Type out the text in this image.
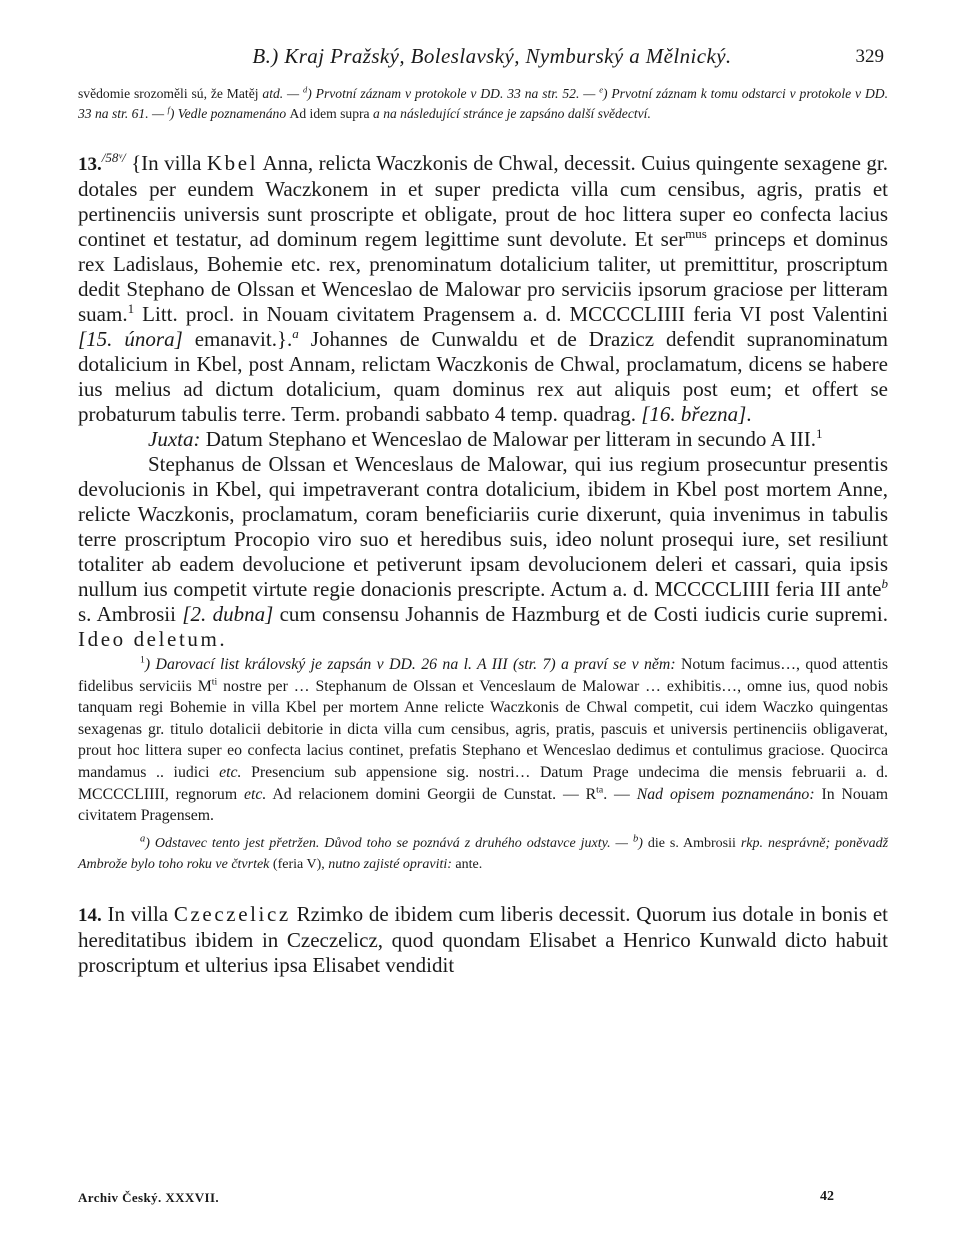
B.) Kraj Pražský, Boleslavský, Nymburský a Mělnický.	329
svědomie srozoměli sú, že Matěj atd. — $^d$) Prvotní záznam v protokole v DD. 33 na str. 52. — $^e$) Prvotní záznam k tomu odstarci v protokole v DD. 33 na str. 61. — $^f$) Vedle poznamenáno Ad idem supra a na následující stránce je zapsáno další svědectví.

13.$^{/58ᵛ/}$ {In villa Kbel Anna, relicta Waczkonis de Chwal, decessit. Cuius quingente sexagene gr. dotales per eundem Waczkonem in et super predicta villa cum censibus, agris, pratis et pertinenciis universis sunt proscripte et obligate, prout de hoc littera super eo confecta lacius continet et testatur, ad dominum regem legittime sunt devolute. Et ser$^{mus}$ princeps et dominus rex Ladislaus, Bohemie etc. rex, prenominatum dotalicium taliter, ut premittitur, proscriptum dedit Stephano de Olssan et Wenceslao de Malowar pro serviciis ipsorum graciose per litteram suam.$^1$ Litt. procl. in Nouam civitatem Pragensem a. d. MCCCCLIIII feria VI post Valentini [15. února] emanavit.}.$^a$ Johannes de Cunwaldu et de Drazicz defendit supranominatum dotalicium in Kbel, post Annam, relictam Waczkonis de Chwal, proclamatum, dicens se habere ius melius ad dictum dotalicium, quam dominus rex aut aliquis post eum; et offert se probaturum tabulis terre. Term. probandi sabbato 4 temp. quadrag. [16. března].

Juxta: Datum Stephano et Wenceslao de Malowar per litteram in secundo A III.$^1$

Stephanus de Olssan et Wenceslaus de Malowar, qui ius regium prosecuntur presentis devolucionis in Kbel, qui impetraverant contra dotalicium, ibidem in Kbel post mortem Anne, relicte Waczkonis, proclamatum, coram beneficiariis curie dixerunt, quia invenimus in tabulis terre proscriptum Procopio viro suo et heredibus suis, ideo nolunt prosequi iure, set resiliunt totaliter ab eadem devolucione et petiverunt ipsam devolucionem deleri et cassari, quia ipsis nullum ius competit virtute regie donacionis prescripte. Actum a. d. MCCCCLIIII feria III ante$^b$ s. Ambrosii [2. dubna] cum consensu Johannis de Hazmburg et de Costi iudicis curie supremi. Ideo deletum.

$^1$) Darovací list královský je zapsán v DD. 26 na l. A III (str. 7) a praví se v něm: Notum facimus…, quod attentis fidelibus serviciis $M^{ti}$ nostre per … Stephanum de Olssan et Venceslaum de Malowar … exhibitis…, omne ius, quod nobis tanquam regi Bohemie in villa Kbel per mortem Anne relicte Waczkonis de Chwal competit, cui idem Waczko quingentas sexagenas gr. titulo dotalicii debitorie in dicta villa cum censibus, agris, pratis, pascuis et universis pertinenciis obligaverat, prout hoc littera super eo confecta lacius continet, prefatis Stephano et Wenceslao dedimus et contulimus graciose. Quocirca mandamus .. iudici etc. Presencium sub appensione sig. nostri… Datum Prage undecima die mensis februarii a. d. MCCCCLIIII, regnorum etc. Ad relacionem domini Georgii de Cunstat. — $R^{ta}$. — Nad opisem poznamenáno: In Nouam civitatem Pragensem.

$^a$) Odstavec tento jest přetržen. Důvod toho se poznává z druhého odstavce juxty. — $^b$) die s. Ambrosii rkp. nesprávně; poněvadž Ambrože bylo toho roku ve čtvrtek (feria V), nutno zajisté opraviti: ante.

14. In villa Czeczelicz Rzimko de ibidem cum liberis decessit. Quorum ius dotale in bonis et hereditatibus ibidem in Czeczelicz, quod quondam Elisabet a Henrico Kunwald dicto habuit proscriptum et ulterius ipsa Elisabet vendidit

Archiv Český. XXXVII.	42
